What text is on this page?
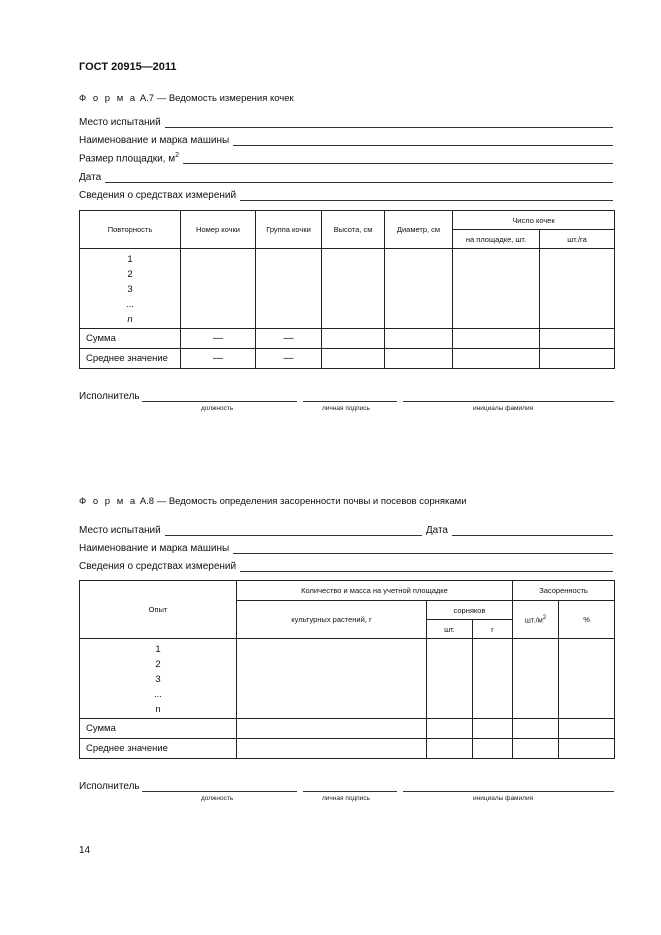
ГОСТ 20915—2011
Ф о р м а А.7 — Ведомость измерения кочек
Место испытаний
Наименование и марка машины
Размер площадки, $м^2$
Дата
Сведения о средствах измерений
Повторность	Номер кочки	Группа кочки	Высота, см	Диаметр, см	Число кочек	
					на площадке, шт.	шт./га

1
2
3
...
n						

Сумма	—	—				
Среднее значение	—	—				
Исполнитель
должность	личная подпись	инициалы фамилия
Ф о р м а А.8 — Ведомость определения засоренности почвы и посевов сорняками
Место испытаний	Дата
Наименование и марка машины
Сведения о средствах измерений
Опыт	Количество и масса на учетной площадке			Засоренность	
	культурных растений, г	сорняков		$шт./м^2$	%
		шт.	г		

1
2
3
...
n					

Сумма					
Среднее значение					
Исполнитель
должность	личная подпись	инициалы фамилия
14
